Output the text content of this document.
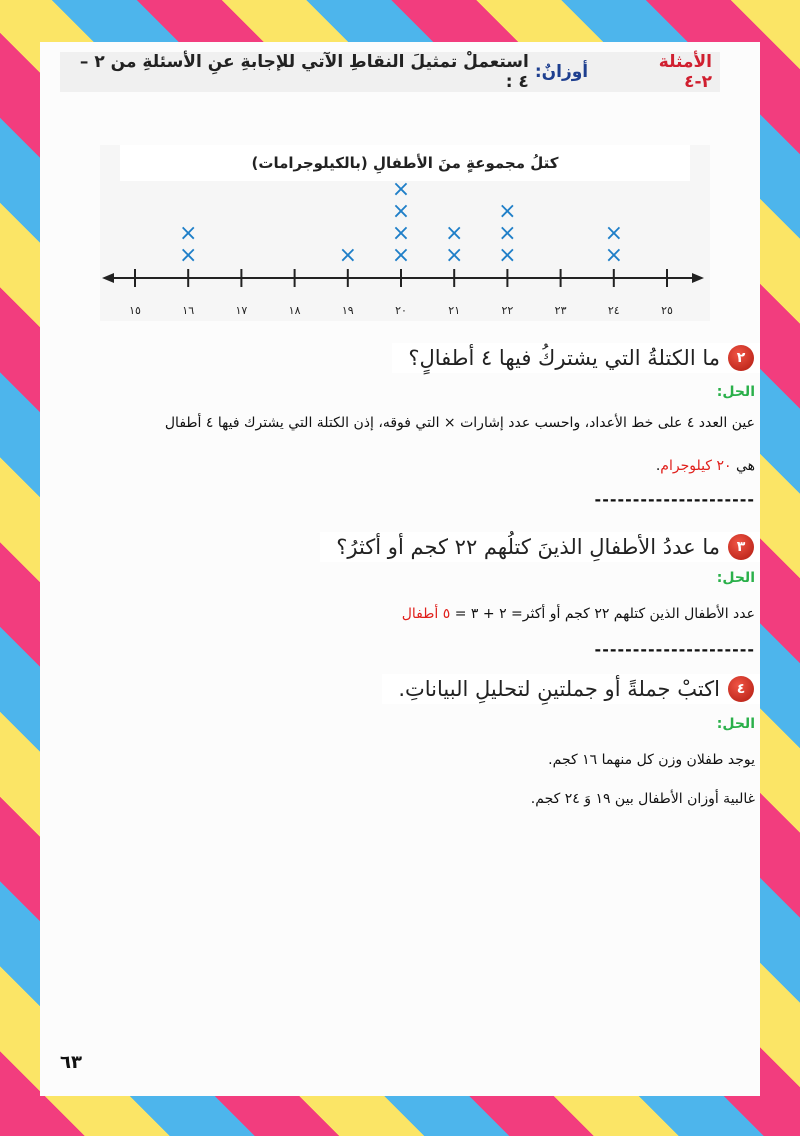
الأمثلة ٢-٤
أوزانٌ:
استعملْ تمثيلَ النقاطِ الآتي للإجابةِ عنِ الأسئلةِ من ٢ – ٤ :
كتلُ مجموعةٍ منَ الأطفالِ (بالكيلوجرامات)
١٥	١٦	١٧	١٨	١٩	٢٠	٢١	٢٢	٢٣	٢٤	٢٥
×
×
× ×
×
×
×
×
×
×
×
×
×
×
٢
ما الكتلةُ التي يشتركُ فيها ٤ أطفالٍ؟
الحل:
عين العدد ٤ على خط الأعداد، واحسب عدد إشارات × التي فوقه، إذن الكتلة التي يشترك فيها ٤ أطفال
هي ٢٠ كيلوجرام.
---------------------
٣
ما عددُ الأطفالِ الذينَ كتلُهم ٢٢ كجم أو أكثرُ؟
الحل:
عدد الأطفال الذين كتلهم ٢٢ كجم أو أكثر= ٢ + ٣ = ٥ أطفال
---------------------
٤
اكتبْ جملةً أو جملتينِ لتحليلِ البياناتِ.
الحل:
يوجد طفلان وزن كل منهما ١٦ كجم.
غالبية أوزان الأطفال بين ١٩ وَ ٢٤ كجم.
٦٣
